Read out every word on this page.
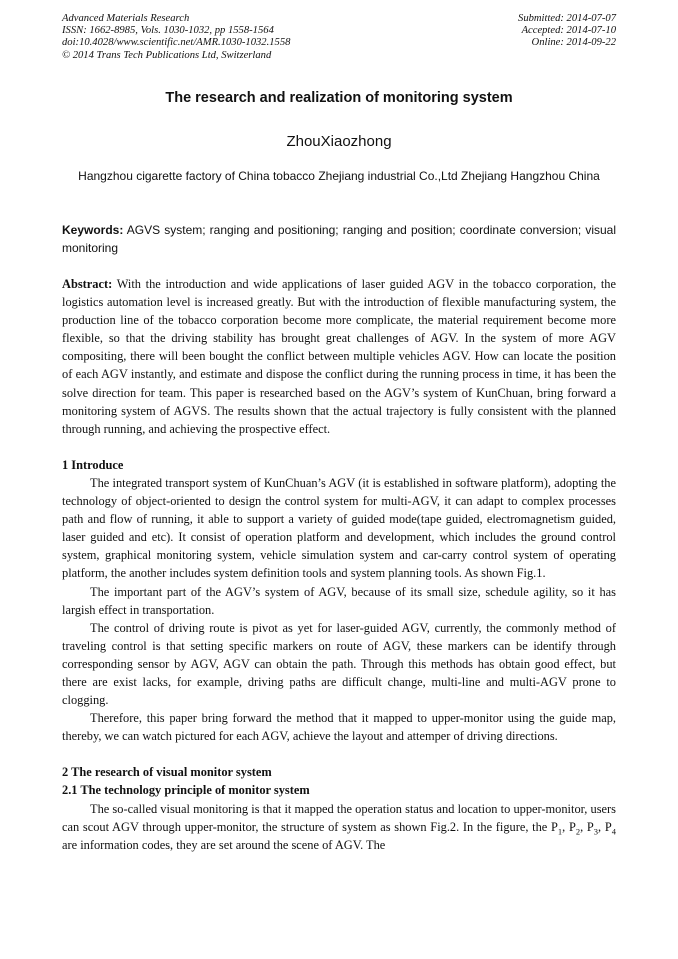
Advanced Materials Research
ISSN: 1662-8985, Vols. 1030-1032, pp 1558-1564
doi:10.4028/www.scientific.net/AMR.1030-1032.1558
© 2014 Trans Tech Publications Ltd, Switzerland
Submitted: 2014-07-07
Accepted: 2014-07-10
Online: 2014-09-22
The research and realization of monitoring system
ZhouXiaozhong
Hangzhou cigarette factory of China tobacco Zhejiang industrial Co.,Ltd Zhejiang Hangzhou China
Keywords: AGVS system; ranging and positioning; ranging and position; coordinate conversion; visual monitoring

Abstract: With the introduction and wide applications of laser guided AGV in the tobacco corporation, the logistics automation level is increased greatly. But with the introduction of flexible manufacturing system, the production line of the tobacco corporation become more complicate, the material requirement become more flexible, so that the driving stability has brought great challenges of AGV. In the system of more AGV compositing, there will been bought the conflict between multiple vehicles AGV. How can locate the position of each AGV instantly, and estimate and dispose the conflict during the running process in time, it has been the solve direction for team. This paper is researched based on the AGV’s system of KunChuan, bring forward a monitoring system of AGVS. The results shown that the actual trajectory is fully consistent with the planned through running, and achieving the prospective effect.

1 Introduce

The integrated transport system of KunChuan’s AGV (it is established in software platform), adopting the technology of object-oriented to design the control system for multi-AGV, it can adapt to complex processes path and flow of running, it able to support a variety of guided mode(tape guided, electromagnetism guided, laser guided and etc). It consist of operation platform and development, which includes the ground control system, graphical monitoring system, vehicle simulation system and car-carry control system of operating platform, the another includes system definition tools and system planning tools. As shown Fig.1.

The important part of the AGV’s system of AGV, because of its small size, schedule agility, so it has largish effect in transportation.

The control of driving route is pivot as yet for laser-guided AGV, currently, the commonly method of traveling control is that setting specific markers on route of AGV, these markers can be identify through corresponding sensor by AGV, AGV can obtain the path. Through this methods has obtain good effect, but there are exist lacks, for example, driving paths are difficult change, multi-line and multi-AGV prone to clogging.

Therefore, this paper bring forward the method that it mapped to upper-monitor using the guide map, thereby, we can watch pictured for each AGV, achieve the layout and attemper of driving directions.

2 The research of visual monitor system
2.1 The technology principle of monitor system

The so-called visual monitoring is that it mapped the operation status and location to upper-monitor, users can scout AGV through upper-monitor, the structure of system as shown Fig.2. In the figure, the $P_1$, $P_2$, $P_3$, $P_4$ are information codes, they are set around the scene of AGV. The
